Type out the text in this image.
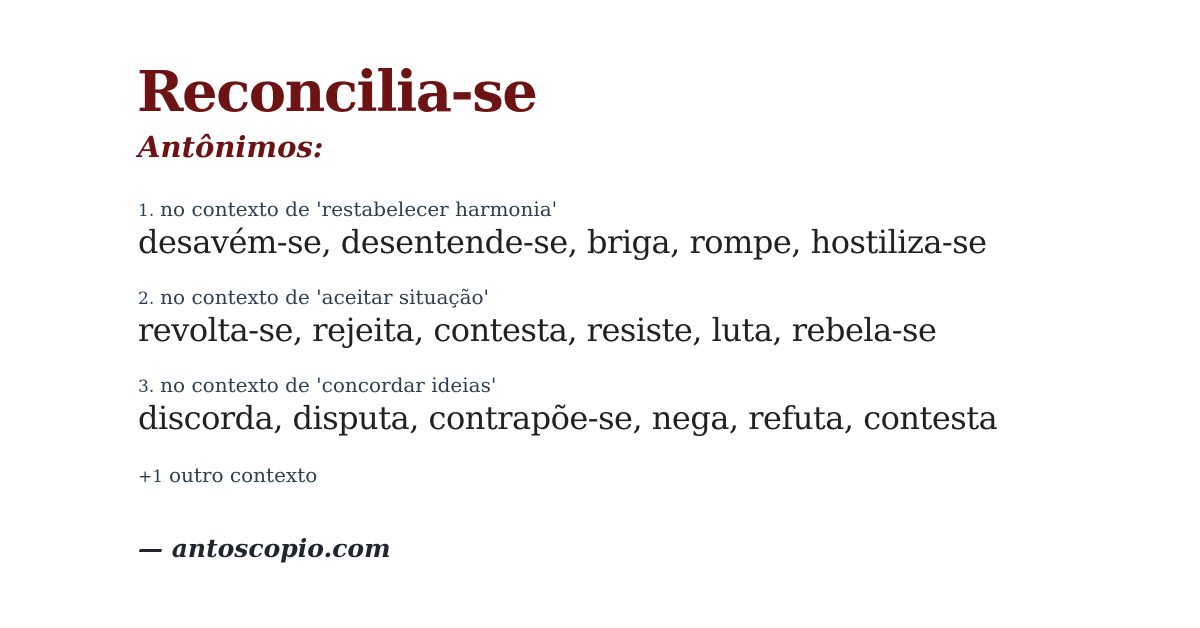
Reconcilia-se
Antônimos:
1. no contexto de 'restabelecer harmonia'
desavém-se, desentende-se, briga, rompe, hostiliza-se
2. no contexto de 'aceitar situação'
revolta-se, rejeita, contesta, resiste, luta, rebela-se
3. no contexto de 'concordar ideias'
discorda, disputa, contrapõe-se, nega, refuta, contesta
+1 outro contexto
— antoscopio.com
